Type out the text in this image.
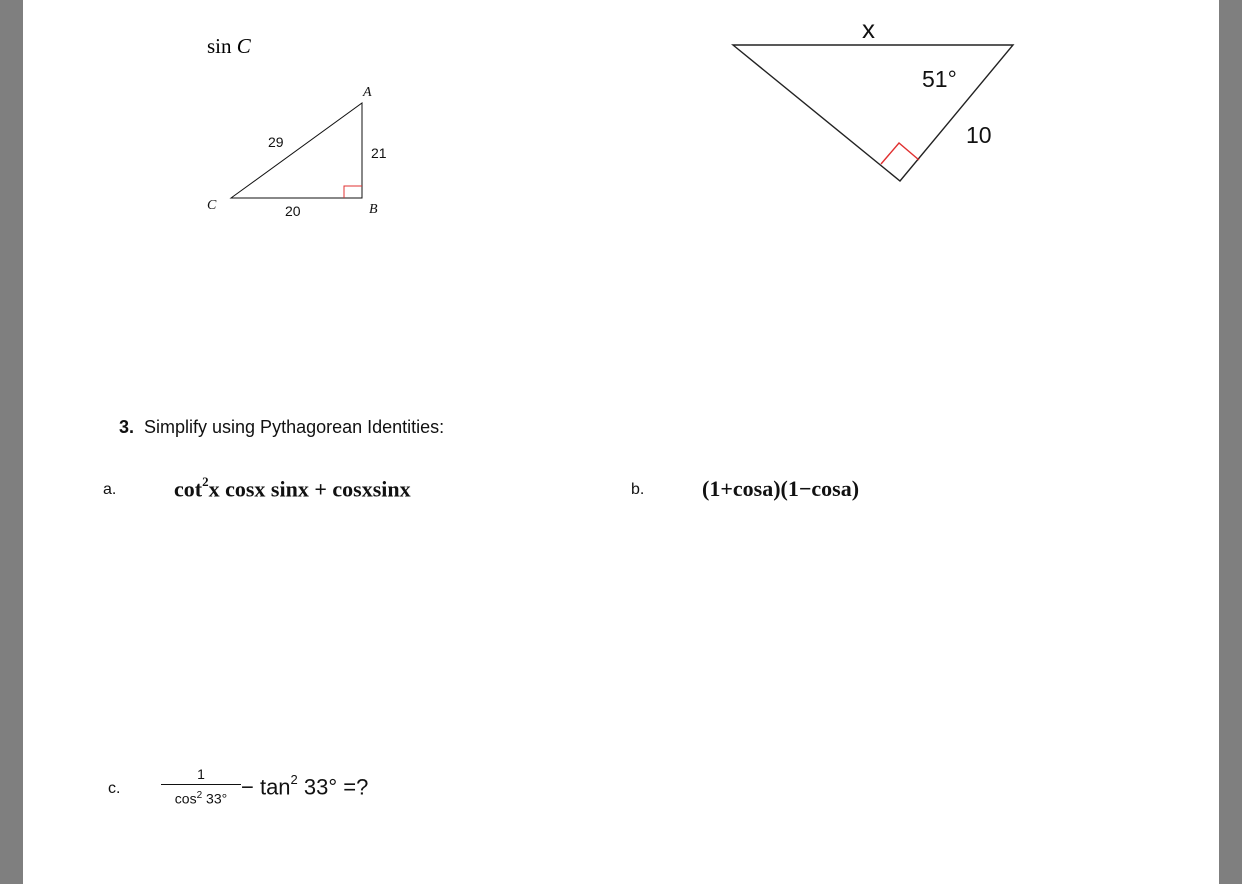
sin C
A
B
C
29
21
20
x
51°
10
3. Simplify using Pythagorean Identities:
a.	$\cot^2x$ cosx sinx + cosxsinx	b.	(1+cosa)(1−cosa)
c.
1
$\cos^2 33^\circ - \tan^2 33^\circ$ =?
